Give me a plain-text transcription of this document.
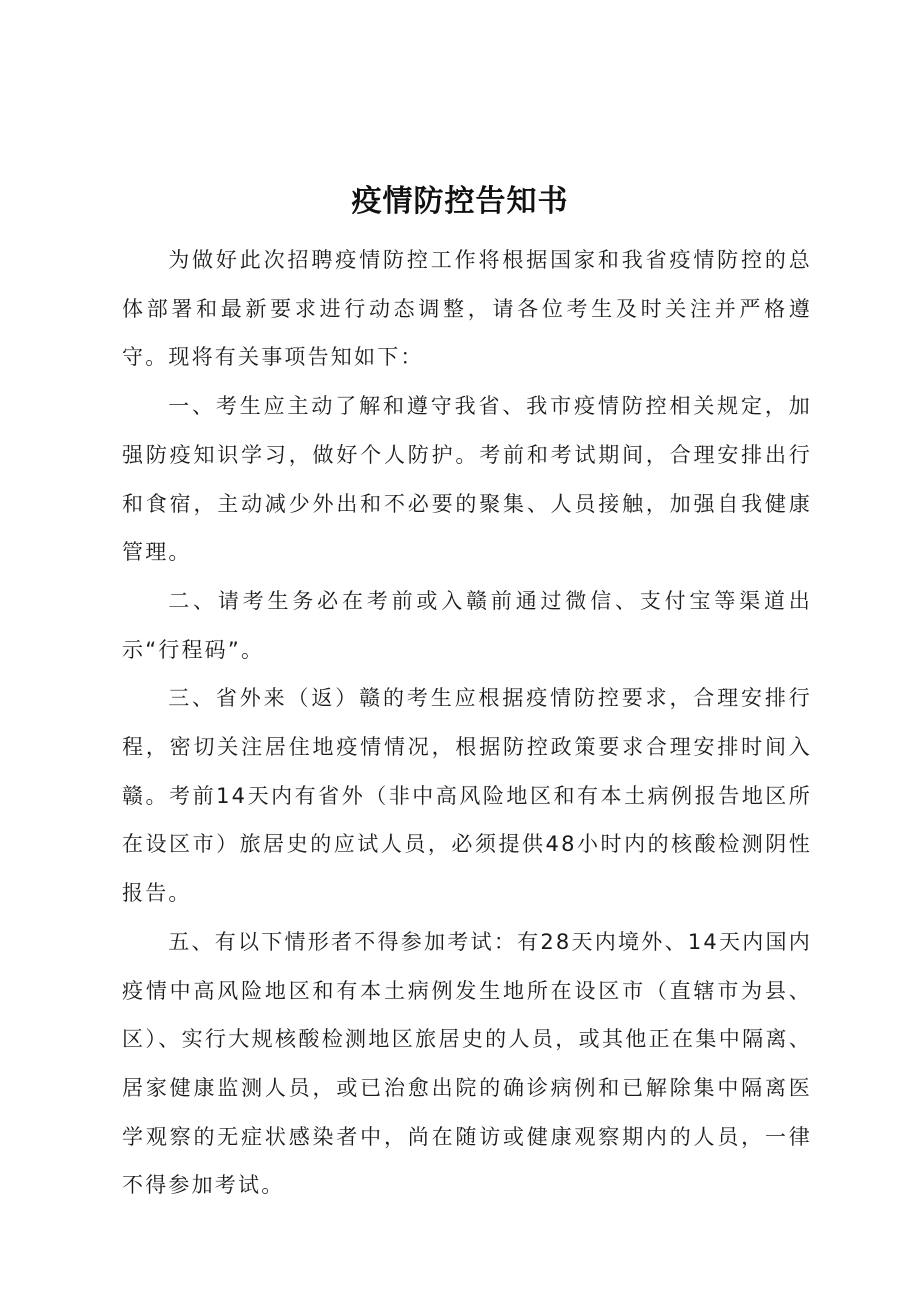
疫情防控告知书

为做好此次招聘疫情防控工作将根据国家和我省疫情防控的总体部署和最新要求进行动态调整，请各位考生及时关注并严格遵守。现将有关事项告知如下：

一、考生应主动了解和遵守我省、我市疫情防控相关规定，加强防疫知识学习，做好个人防护。考前和考试期间，合理安排出行和食宿，主动减少外出和不必要的聚集、人员接触，加强自我健康管理。

二、请考生务必在考前或入赣前通过微信、支付宝等渠道出示“行程码”。

三、省外来（返）赣的考生应根据疫情防控要求，合理安排行程，密切关注居住地疫情情况，根据防控政策要求合理安排时间入赣。考前14天内有省外（非中高风险地区和有本土病例报告地区所在设区市）旅居史的应试人员，必须提供48小时内的核酸检测阴性报告。

五、有以下情形者不得参加考试：有28天内境外、14天内国内疫情中高风险地区和有本土病例发生地所在设区市（直辖市为县、区）、实行大规核酸检测地区旅居史的人员，或其他正在集中隔离、居家健康监测人员，或已治愈出院的确诊病例和已解除集中隔离医学观察的无症状感染者中，尚在随访或健康观察期内的人员，一律不得参加考试。
